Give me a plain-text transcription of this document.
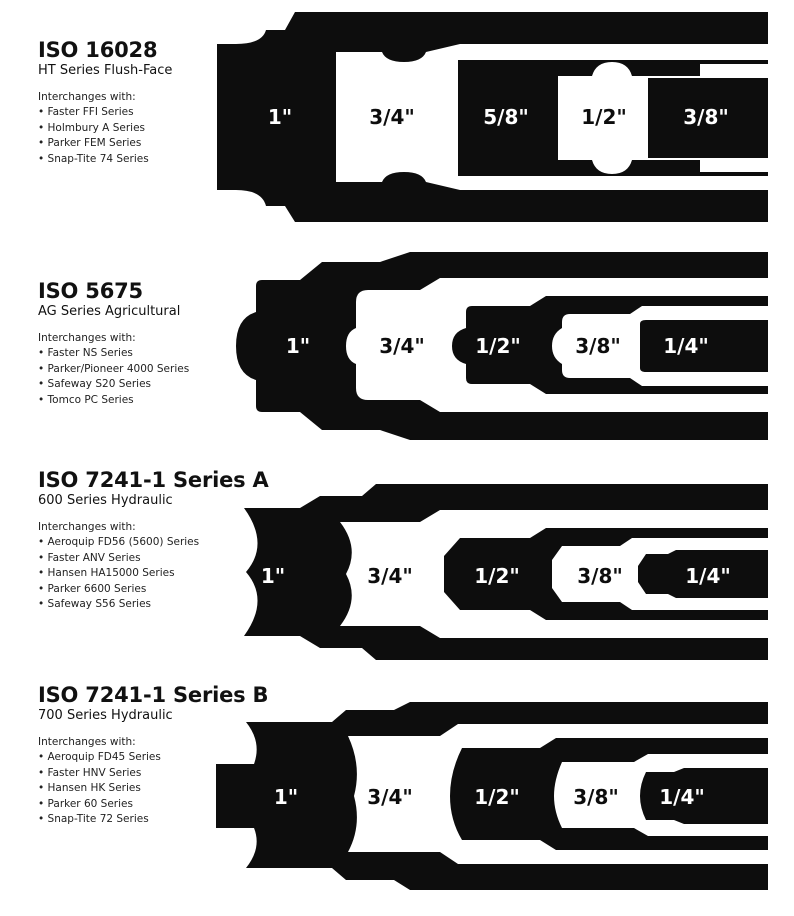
ISO 16028
HT Series Flush-Face
Interchanges with:
• Faster FFI Series
• Holmbury A Series
• Parker FEM Series
• Snap-Tite 74 Series
1"	3/4"	5/8"	1/2"	3/8"
ISO 5675
AG Series Agricultural
Interchanges with:
• Faster NS Series
• Parker/Pioneer 4000 Series
• Safeway S20 Series
• Tomco PC Series
1"	3/4"	1/2"	3/8" 1/4"
ISO 7241-1 Series A
600 Series Hydraulic
Interchanges with:
• Aeroquip FD56 (5600) Series
• Faster ANV Series
• Hansen HA15000 Series
• Parker 6600 Series
• Safeway S56 Series
1"	3/4"	1/2"	3/8"	1/4"
ISO 7241-1 Series B
700 Series Hydraulic
Interchanges with:
• Aeroquip FD45 Series
• Faster HNV Series
• Hansen HK Series
• Parker 60 Series
• Snap-Tite 72 Series
1"	3/4"	1/2"	3/8" 1/4"
